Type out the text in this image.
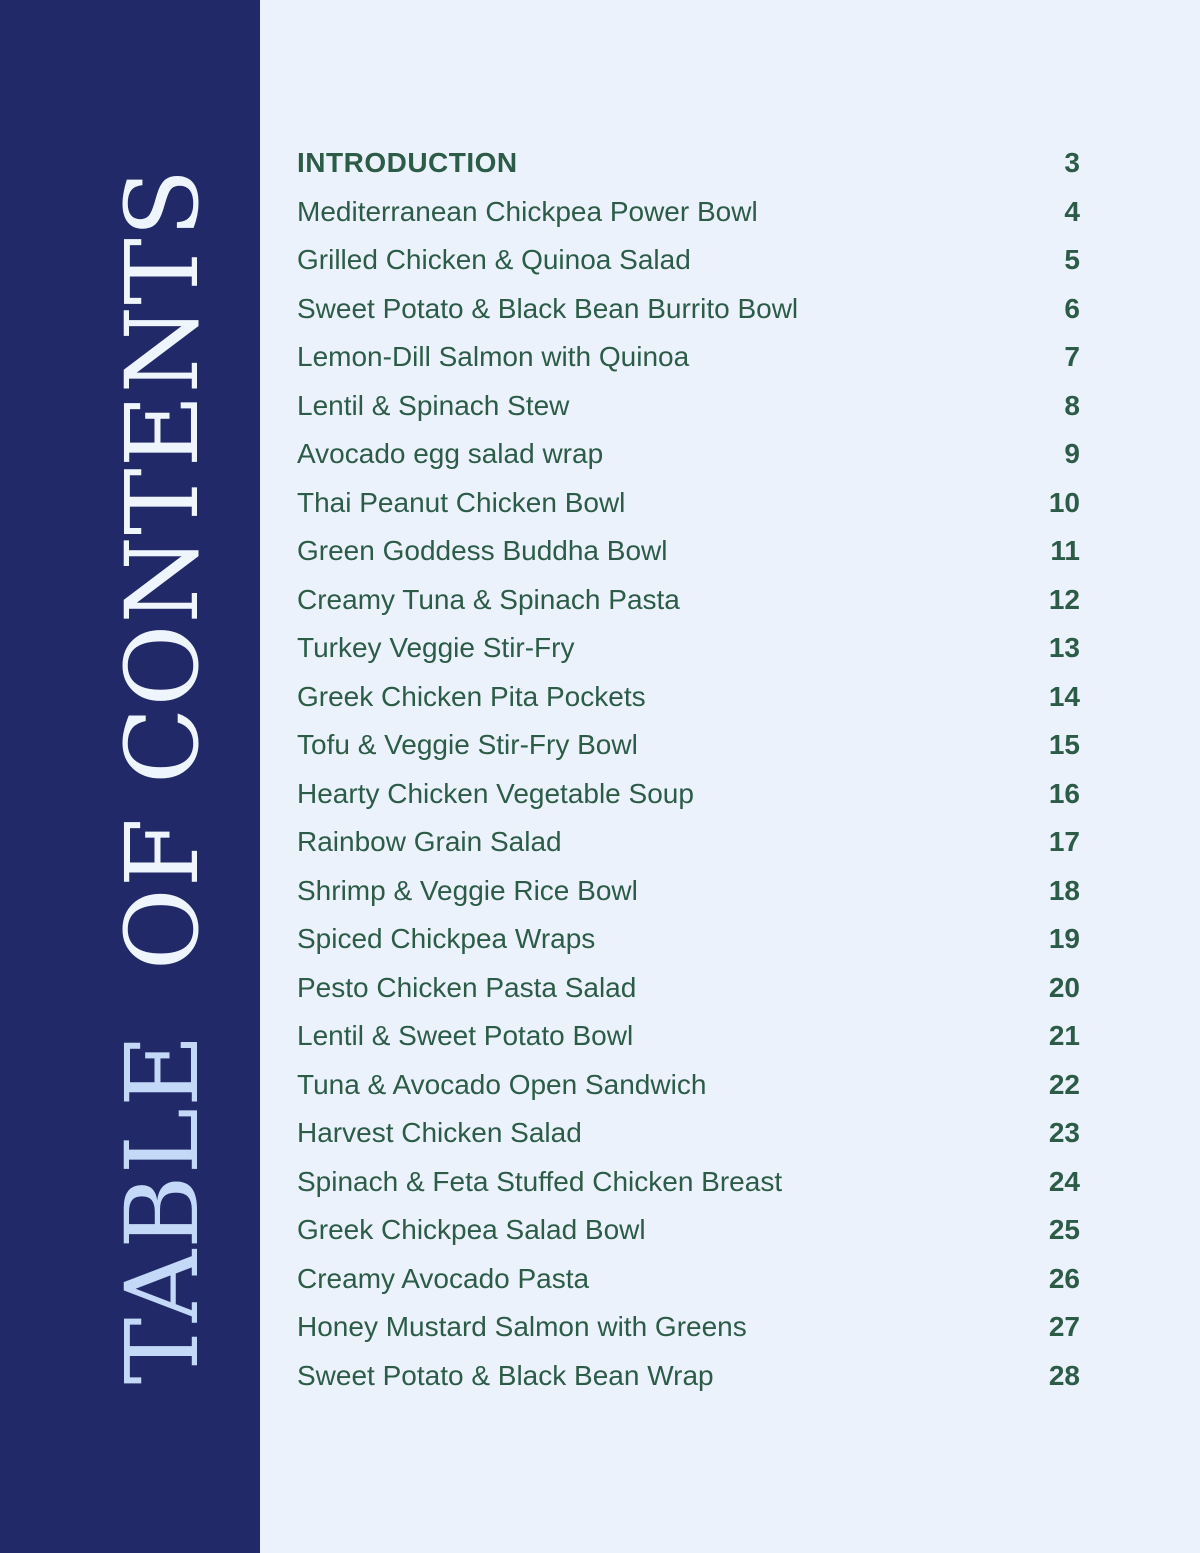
TABLE OF CONTENTS
INTRODUCTION	3
Mediterranean Chickpea Power Bowl	4
Grilled Chicken & Quinoa Salad	5
Sweet Potato & Black Bean Burrito Bowl	6
Lemon-Dill Salmon with Quinoa	7
Lentil & Spinach Stew	8
Avocado egg salad wrap	9
Thai Peanut Chicken Bowl	10
Green Goddess Buddha Bowl	11
Creamy Tuna & Spinach Pasta	12
Turkey Veggie Stir-Fry	13
Greek Chicken Pita Pockets	14
Tofu & Veggie Stir-Fry Bowl	15
Hearty Chicken Vegetable Soup	16
Rainbow Grain Salad	17
Shrimp & Veggie Rice Bowl	18
Spiced Chickpea Wraps	19
Pesto Chicken Pasta Salad	20
Lentil & Sweet Potato Bowl	21
Tuna & Avocado Open Sandwich	22
Harvest Chicken Salad	23
Spinach & Feta Stuffed Chicken Breast	24
Greek Chickpea Salad Bowl	25
Creamy Avocado Pasta	26
Honey Mustard Salmon with Greens	27
Sweet Potato & Black Bean Wrap	28
